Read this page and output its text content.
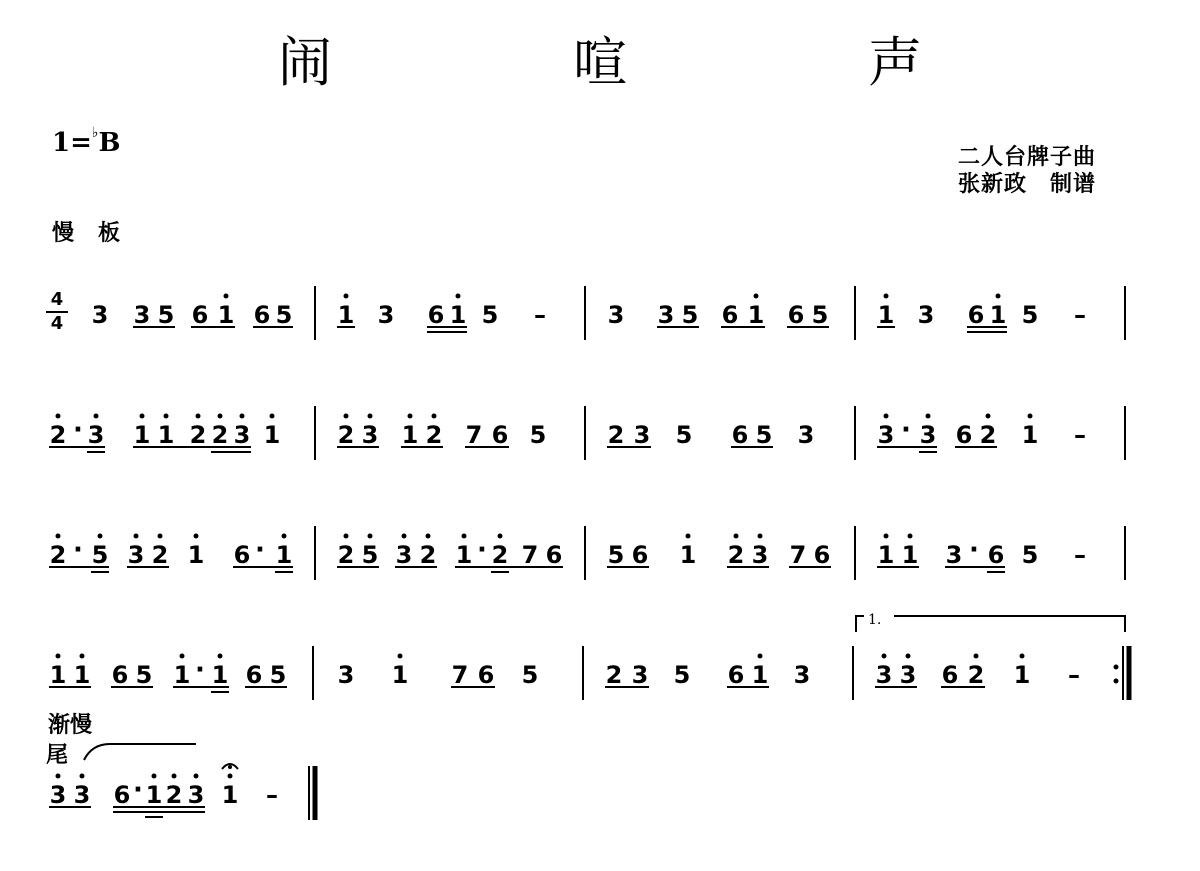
闹 喧 声
1=♭B	二人台牌子曲
张新政　制谱
慢板
4
4
1.
渐慢
尾
3 3 5 6 1 6 5 1 3 6 1 5 –	3 3 5 6 1 6 5 1 3 6 1 5 –
2 · 3 1 1 2 2 3 1 2 3 1 2 7 6 5	2 3 5 6 5 3	3 · 3 6 2 1 –
2 · 5 3 2 1 6 · 1 2 5 3 2 1 · 2 7 6 5 6 1 2 3 7 6 1 1 3 · 6 5 –
1 1 6 5 1 · 1 6 5 3 1 7 6 5	2 3 5 6 1 3	3 3 6 2 1 –
3 3 6 · 1 2 3 1 –
